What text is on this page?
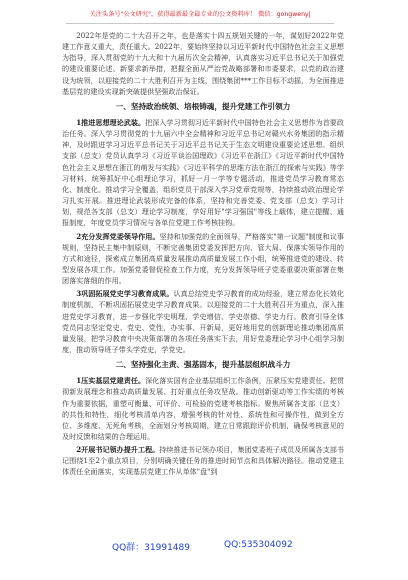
关注头条号"公文研究"，获得最新最全最专业的公文资料库！ 微信：gongwenyj

2022年是党的二十大召开之年，也是落实十四五规划关键的一年，谋划好2022年党建工作意义重大，责任重大。2022年，要始终坚持以习近平新时代中国特色社会主义思想为指导，深入贯彻党的十九大和十九届历次全会精神，认真落实习近平总书记关于加强党的建设重要论述、新要求新举措，把握全面从严治党战略部署和市委要求，以党的政治建设为统领，以迎接党的二十大胜利召开为主线，围绕集团***工作目标不动摇，为全面推进基层党的建设实现新突破提供坚强政治保证。

一、坚持政治统领、培根铸魂，提升党建工作引领力

1推进思想理论武装。把深入学习贯彻习近平新时代中国特色社会主义思想作为首要政治任务。深入学习贯彻党的十九届六中全会精神和习近平总书记对赣兴水务集团的指示精神，及时跟进学习习近平总书记关于习近平总书记关于生态文明建设重要论述思想。组织支部（总支）党员认真学习《习近平谈治国理政》《习近平在浙江》《习近平新时代中国特色社会主义思想在浙江的萌发与实践》《习近平科学的思维方法在浙江的探索与实践》等学习材料，统筹抓好中心组理论学习，抓好一月一学等专题活动，推进党员学习教育常态化、制度化。推动学习全覆盖，组织党员干部深入学习党章党规等，持续推动政治理论学习扎实开展。推进理论武装形成完备的体系，坚持和完善党委、党支部（总支）学习计划，规范各支部（总支）理论学习制度，学好用好"学习强国"等线上载体，建立提醒、通报制度，年度党员学习情况与各单位党建工作考核挂钩。

2充分发挥党委领导作用。坚持和加强党的全面领导，严格落实"第一议题"制度和议事规则，坚持民主集中制原则，不断完善集团党委发挥把方向、管大局、保落实领导作用的方式和途径，探索成立集团高质量发展推动高质量发展工作小组，统筹推进党的建设、转型发展各项工作。加强党委督促检查工作力度，充分发挥领导班子党委重要决策部署在集团落实落细的作用。

3巩固拓展党史学习教育成果。认真总结党史学习教育的成功经验，建立常态化长效化制度机制，不断巩固拓展党史学习教育成果。以迎接党的二十大胜利召开为重点，深入推进党史学习教育，进一步强化学史明理、学史增信、学史崇德、学史力行。教育引导全体党员同志坚定党史、党史、党性，办实事、开新局，更好地用党的创新理论推动集团高质量发展，把学习教育中央决策部署的各项任务落实下去，用好党委理论学习中心组学习制度，推动领导班子带头学党史，学党史。

二、坚持强化主责、强基固本，提升基层组织战斗力

1压实基层党建责任。深化落实国有企业基层组织工作条例，压紧压实党建责任。把贯彻新发展理念和推动高质量发展、打好重点任务攻坚战。推动创新驱动等工作实绩的考核作为重要依据，重塑可衡量、可评价、可检验的党建考核指标。聚焦所属各支部（总支）的共性和特性，细化考核清单内容，增强考核的针对性、系统性和可操作性，做到全方位、多维度、无死角考核，全面划分考核周期，建立日常跟踪评价机制，确保考核意见的及时反馈和结果的合理运用。

2开展书记领办提升工程。持续推进书记领办项目，集团党委班子成员及所属各支部书记围绕1至2个重点项目，分别明确关键任务的推进时间节点和具体解决路径。推动党建主体责任全面落实，实现基层党建工作从单体"盘"到

QQ群：31991489	QQ:535304092
